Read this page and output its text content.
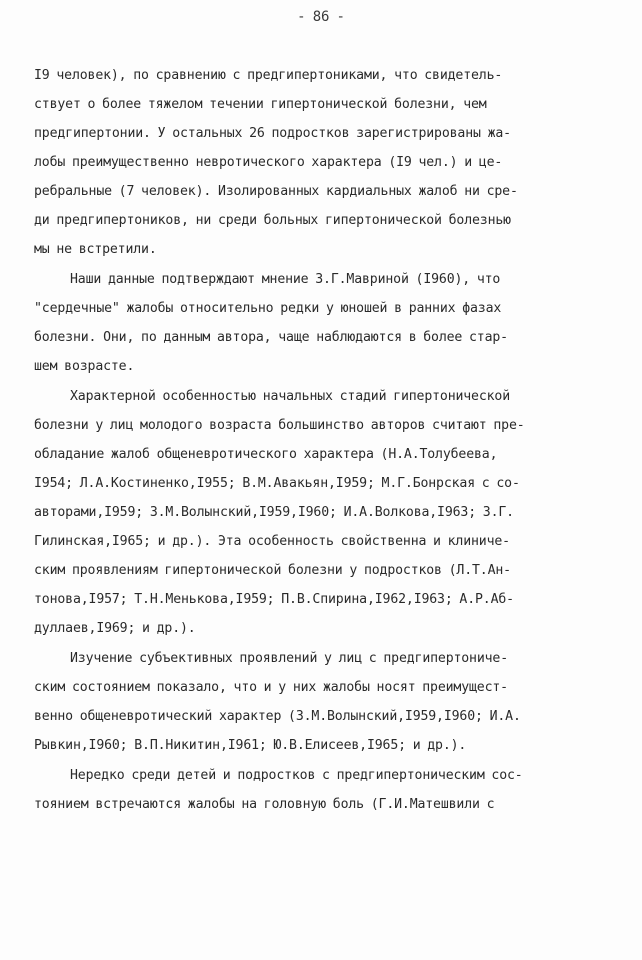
- 86 -
I9 человек), по сравнению с предгипертониками, что свидетель-
ствует о более тяжелом течении гипертонической болезни, чем
предгипертонии. У остальных 26 подростков зарегистрированы жа-
лобы преимущественно невротического характера (I9 чел.) и це-
ребральные (7 человек). Изолированных кардиальных жалоб ни сре-
ди предгипертоников, ни среди больных гипертонической болезнью
мы не встретили.
Наши данные подтверждают мнение З.Г.Мавриной (I960), что
"сердечные" жалобы относительно редки у юношей в ранних фазах
болезни. Они, по данным автора, чаще наблюдаются в более стар-
шем возрасте.
Характерной особенностью начальных стадий гипертонической
болезни у лиц молодого возраста большинство авторов считают пре-
обладание жалоб общеневротического характера (Н.А.Толубеева,
I954; Л.А.Костиненко,I955; В.М.Авакьян,I959; М.Г.Бонрская с со-
авторами,I959; З.М.Волынский,I959,I960; И.А.Волкова,I963; З.Г.
Гилинская,I965; и др.). Эта особенность свойственна и клиниче-
ским проявлениям гипертонической болезни у подростков (Л.Т.Ан-
тонова,I957; Т.Н.Менькова,I959; П.В.Спирина,I962,I963; А.Р.Аб-
дуллаев,I969; и др.).
Изучение субъективных проявлений у лиц с предгипертониче-
ским состоянием показало, что и у них жалобы носят преимущест-
венно общеневротический характер (З.М.Волынский,I959,I960; И.А.
Рывкин,I960; В.П.Никитин,I961; Ю.В.Елисеев,I965; и др.).
Нередко среди детей и подростков с предгипертоническим сос-
тоянием встречаются жалобы на головную боль (Г.И.Матешвили с
